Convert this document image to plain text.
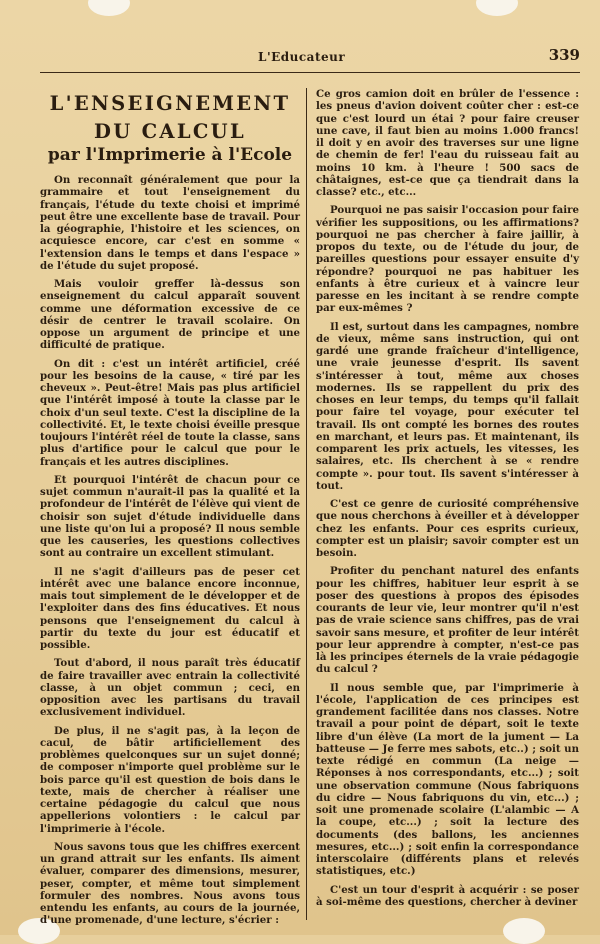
L'Educateur	339
L'ENSEIGNEMENT
DU CALCUL
par l'Imprimerie à l'Ecole

On reconnaît généralement que pour la grammaire et tout l'enseignement du français, l'étude du texte choisi et imprimé peut être une excellente base de travail. Pour la géographie, l'histoire et les sciences, on acquiesce encore, car c'est en somme « l'extension dans le temps et dans l'espace » de l'étude du sujet proposé.

Mais vouloir greffer là-dessus son enseignement du calcul apparaît souvent comme une déformation excessive de ce désir de centrer le travail scolaire. On oppose un argument de principe et une difficulté de pratique.

On dit : c'est un intérêt artificiel, créé pour les besoins de la cause, « tiré par les cheveux ». Peut-être! Mais pas plus artificiel que l'intérêt imposé à toute la classe par le choix d'un seul texte. C'est la discipline de la collectivité. Et, le texte choisi éveille presque toujours l'intérêt réel de toute la classe, sans plus d'artifice pour le calcul que pour le français et les autres disciplines.

Et pourquoi l'intérêt de chacun pour ce sujet commun n'aurait-il pas la qualité et la profondeur de l'intérêt de l'élève qui vient de choisir son sujet d'étude individuelle dans une liste qu'on lui a proposé? Il nous semble que les causeries, les questions collectives sont au contraire un excellent stimulant.

Il ne s'agit d'ailleurs pas de peser cet intérêt avec une balance encore inconnue, mais tout simplement de le développer et de l'exploiter dans des fins éducatives. Et nous pensons que l'enseignement du calcul à partir du texte du jour est éducatif et possible.

Tout d'abord, il nous paraît très éducatif de faire travailler avec entrain la collectivité classe, à un objet commun ; ceci, en opposition avec les partisans du travail exclusivement individuel.

De plus, il ne s'agit pas, à la leçon de cacul, de bâtir artificiellement des problèmes quelconques sur un sujet donné; de composer n'importe quel problème sur le bois parce qu'il est question de bois dans le texte, mais de chercher à réaliser une certaine pédagogie du calcul que nous appellerions volontiers : le calcul par l'imprimerie à l'école.

Nous savons tous que les chiffres exercent un grand attrait sur les enfants. Ils aiment évaluer, comparer des dimensions, mesurer, peser, compter, et même tout simplement formuler des nombres. Nous avons tous entendu les enfants, au cours de la journée, d'une promenade, d'une lecture, s'écrier :

Ce gros camion doit en brûler de l'essence : les pneus d'avion doivent coûter cher : est-ce que c'est lourd un étai ? pour faire creuser une cave, il faut bien au moins 1.000 francs! il doit y en avoir des traverses sur une ligne de chemin de fer! l'eau du ruisseau fait au moins 10 km. à l'heure ! 500 sacs de châtaignes, est-ce que ça tiendrait dans la classe? etc., etc...

Pourquoi ne pas saisir l'occasion pour faire vérifier les suppositions, ou les affirmations? pourquoi ne pas chercher à faire jaillir, à propos du texte, ou de l'étude du jour, de pareilles questions pour essayer ensuite d'y répondre? pourquoi ne pas habituer les enfants à être curieux et à vaincre leur paresse en les incitant à se rendre compte par eux-mêmes ?

Il est, surtout dans les campagnes, nombre de vieux, même sans instruction, qui ont gardé une grande fraîcheur d'intelligence, une vraie jeunesse d'esprit. Ils savent s'intéresser à tout, même aux choses modernes. Ils se rappellent du prix des choses en leur temps, du temps qu'il fallait pour faire tel voyage, pour exécuter tel travail. Ils ont compté les bornes des routes en marchant, et leurs pas. Et maintenant, ils comparent les prix actuels, les vitesses, les salaires, etc. Ils cherchent à se « rendre compte ». pour tout. Ils savent s'intéresser à tout.

C'est ce genre de curiosité compréhensive que nous cherchons à éveiller et à développer chez les enfants. Pour ces esprits curieux, compter est un plaisir; savoir compter est un besoin.

Profiter du penchant naturel des enfants pour les chiffres, habituer leur esprit à se poser des questions à propos des épisodes courants de leur vie, leur montrer qu'il n'est pas de vraie science sans chiffres, pas de vrai savoir sans mesure, et profiter de leur intérêt pour leur apprendre à compter, n'est-ce pas là les principes éternels de la vraie pédagogie du calcul ?

Il nous semble que, par l'imprimerie à l'école, l'application de ces principes est grandement facilitée dans nos classes. Notre travail a pour point de départ, soit le texte libre d'un élève (La mort de la jument — La batteuse — Je ferre mes sabots, etc..) ; soit un texte rédigé en commun (La neige — Réponses à nos correspondants, etc...) ; soit une observation commune (Nous fabriquons du cidre — Nous fabriquons du vin, etc...) ; soit une promenade scolaire (L'alambic — A la coupe, etc...) ; soit la lecture des documents (des ballons, les anciennes mesures, etc...) ; soit enfin la correspondance interscolaire (différents plans et relevés statistiques, etc.)

C'est un tour d'esprit à acquérir : se poser à soi-même des questions, chercher à deviner
